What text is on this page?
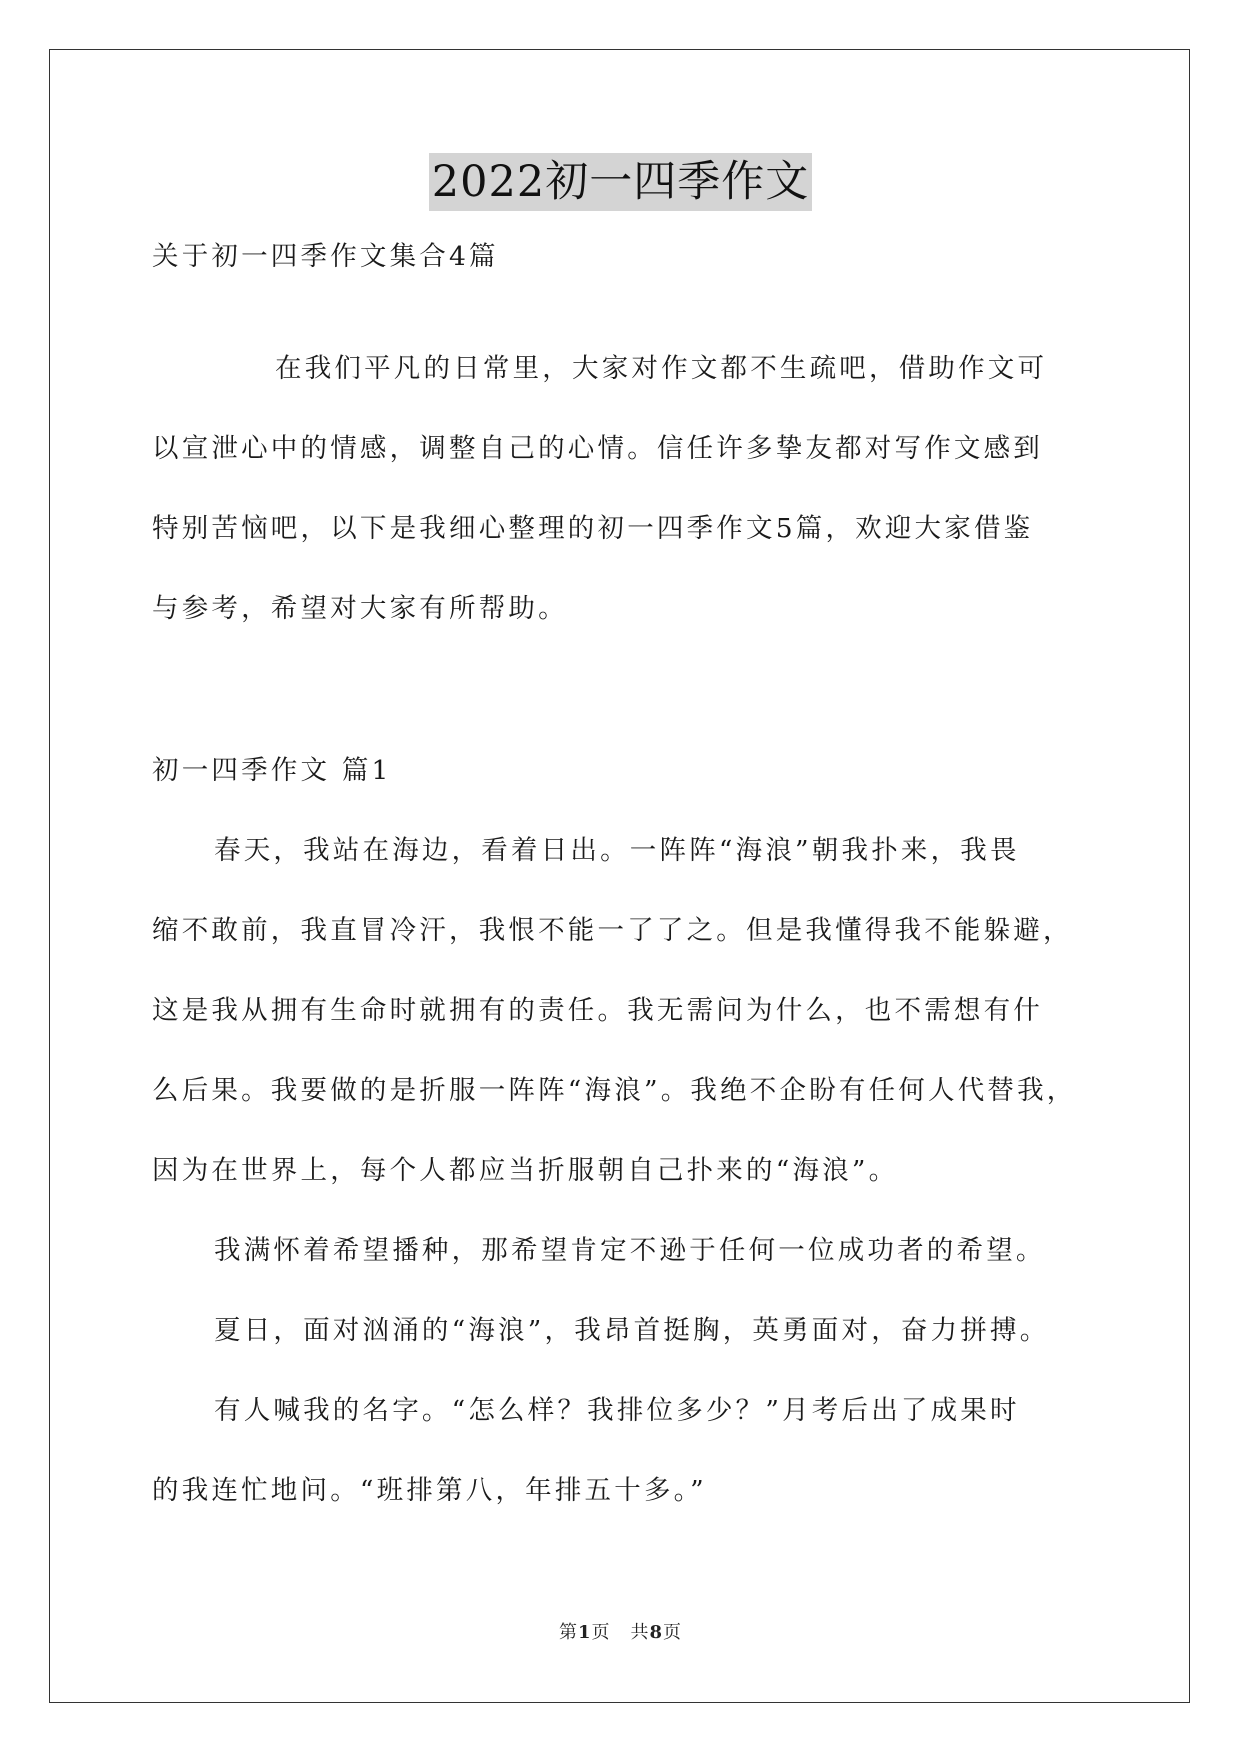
2022初一四季作文
关于初一四季作文集合4篇
在我们平凡的日常里，大家对作文都不生疏吧，借助作文可
以宣泄心中的情感，调整自己的心情。信任许多挚友都对写作文感到
特别苦恼吧，以下是我细心整理的初一四季作文5篇，欢迎大家借鉴
与参考，希望对大家有所帮助。
初一四季作文 篇1
春天，我站在海边，看着日出。一阵阵“海浪”朝我扑来，我畏
缩不敢前，我直冒冷汗，我恨不能一了了之。但是我懂得我不能躲避，
这是我从拥有生命时就拥有的责任。我无需问为什么，也不需想有什
么后果。我要做的是折服一阵阵“海浪”。我绝不企盼有任何人代替我，
因为在世界上，每个人都应当折服朝自己扑来的“海浪”。
我满怀着希望播种，那希望肯定不逊于任何一位成功者的希望。
夏日，面对汹涌的“海浪”，我昂首挺胸，英勇面对，奋力拼搏。
有人喊我的名字。“怎么样？我排位多少？”月考后出了成果时
的我连忙地问。“班排第八，年排五十多。”
第1页 共8页
